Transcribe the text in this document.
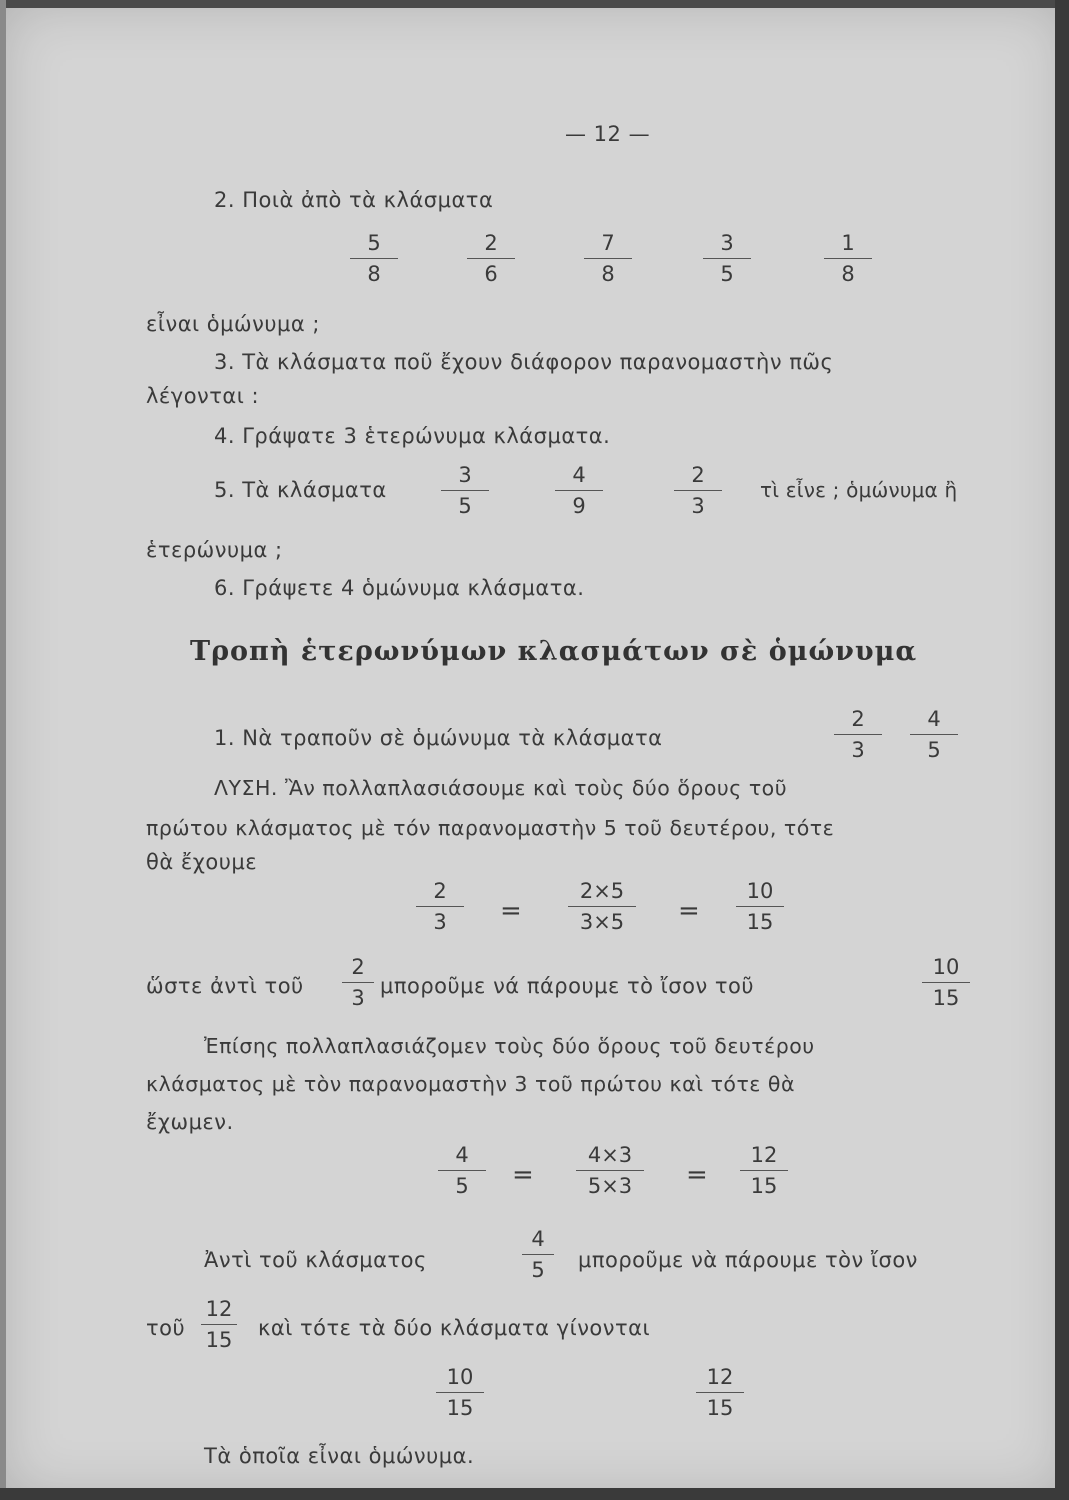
— 12 —
2. Ποιὰ ἀπὸ τὰ κλάσματα
5
8
2
6
7
8
3
5
1
8
εἶναι ὁμώνυμα ;
3. Τὰ κλάσματα ποῦ ἔχουν διάφορον παρανομαστὴν πῶς
λέγονται :
4. Γράψατε 3 ἑτερώνυμα κλάσματα.
5. Τὰ κλάσματα
3
5
4
9
2
3
τὶ εἶνε ; ὁμώνυμα ἢ
ἑτερώνυμα ;
6. Γράψετε 4 ὁμώνυμα κλάσματα.
Τροπὴ ἑτερωνύμων κλασμάτων σὲ ὁμώνυμα
1. Νὰ τραποῦν σὲ ὁμώνυμα τὰ κλάσματα
2
3
4
5
ΛΥΣΗ. Ἂν πολλαπλασιάσουμε καὶ τοὺς δύο ὅρους τοῦ
πρώτου κλάσματος μὲ τόν παρανομαστὴν 5 τοῦ δευτέρου, τότε
θὰ ἔχουμε
2
3	=
2×5
3×5	=
10
15
ὥστε ἀντὶ τοῦ
2
3 μποροῦμε νά πάρουμε τὸ ἴσον τοῦ
10
15
Ἐπίσης πολλαπλασιάζομεν τοὺς δύο ὅρους τοῦ δευτέρου
κλάσματος μὲ τὸν παρανομαστὴν 3 τοῦ πρώτου καὶ τότε θὰ
ἔχωμεν.
4
5	=
4×3
5×3	=
12
15
Ἀντὶ τοῦ κλάσματος
4
5	μποροῦμε νὰ πάρουμε τὸν ἴσον
τοῦ
12
15	καὶ τότε τὰ δύο κλάσματα γίνονται
10
15
12
15
Τὰ ὁποῖα εἶναι ὁμώνυμα.
